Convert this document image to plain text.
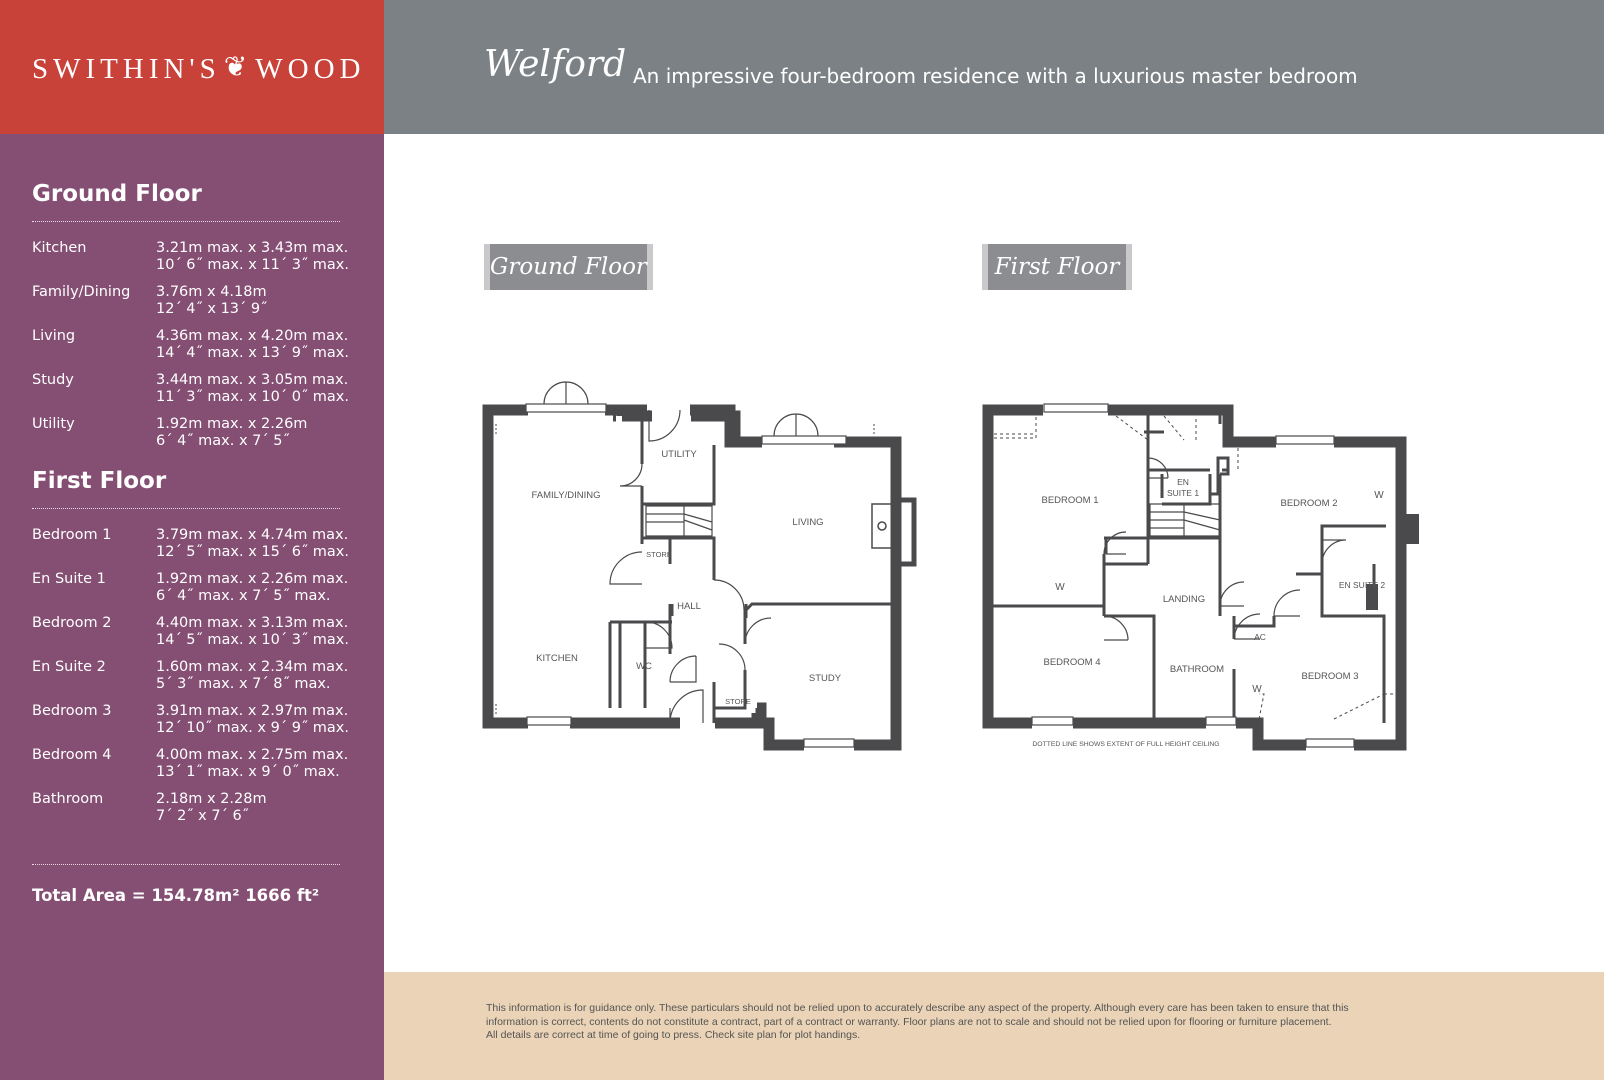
SWITHIN'S ❦ WOOD	Welford An impressive four-bedroom residence with a luxurious master bedroom
Ground Floor
Kitchen	3.21m max. x 3.43m max.
10´ 6˝ max. x 11´ 3˝ max.
Family/Dining 3.76m x 4.18m
12´ 4˝ x 13´ 9˝
Living	4.36m max. x 4.20m max.
14´ 4˝ max. x 13´ 9˝ max.
Study	3.44m max. x 3.05m max.
11´ 3˝ max. x 10´ 0˝ max.
Utility	1.92m max. x 2.26m
6´ 4˝ max. x 7´ 5˝
First Floor
Bedroom 1	3.79m max. x 4.74m max.
12´ 5˝ max. x 15´ 6˝ max.
En Suite 1	1.92m max. x 2.26m max.
6´ 4˝ max. x 7´ 5˝ max.
Bedroom 2	4.40m max. x 3.13m max.
14´ 5˝ max. x 10´ 3˝ max.
En Suite 2	1.60m max. x 2.34m max.
5´ 3˝ max. x 7´ 8˝ max.
Bedroom 3	3.91m max. x 2.97m max.
12´ 10˝ max. x 9´ 9˝ max.
Bedroom 4	4.00m max. x 2.75m max.
13´ 1˝ max. x 9´ 0˝ max.
Bathroom	2.18m x 2.28m
7´ 2˝ x 7´ 6˝
Total Area = 154.78m² 1666 ft²
Ground Floor	First Floor
FAMILY/DINING
UTILITY
LIVING
STORE
HALL
KITCHEN
WC
STORE
STUDY
BEDROOM 1
EN
SUITE 1
BEDROOM 2
EN SUITE 2
LANDING
AC
BEDROOM 4
BATHROOM
BEDROOM 3
W
W
W
DOTTED LINE SHOWS EXTENT OF FULL HEIGHT CEILING
This information is for guidance only. These particulars should not be relied upon to accurately describe any aspect of the property. Although every care has been taken to ensure that this
information is correct, contents do not constitute a contract, part of a contract or warranty. Floor plans are not to scale and should not be relied upon for flooring or furniture placement.
All details are correct at time of going to press. Check site plan for plot handings.
